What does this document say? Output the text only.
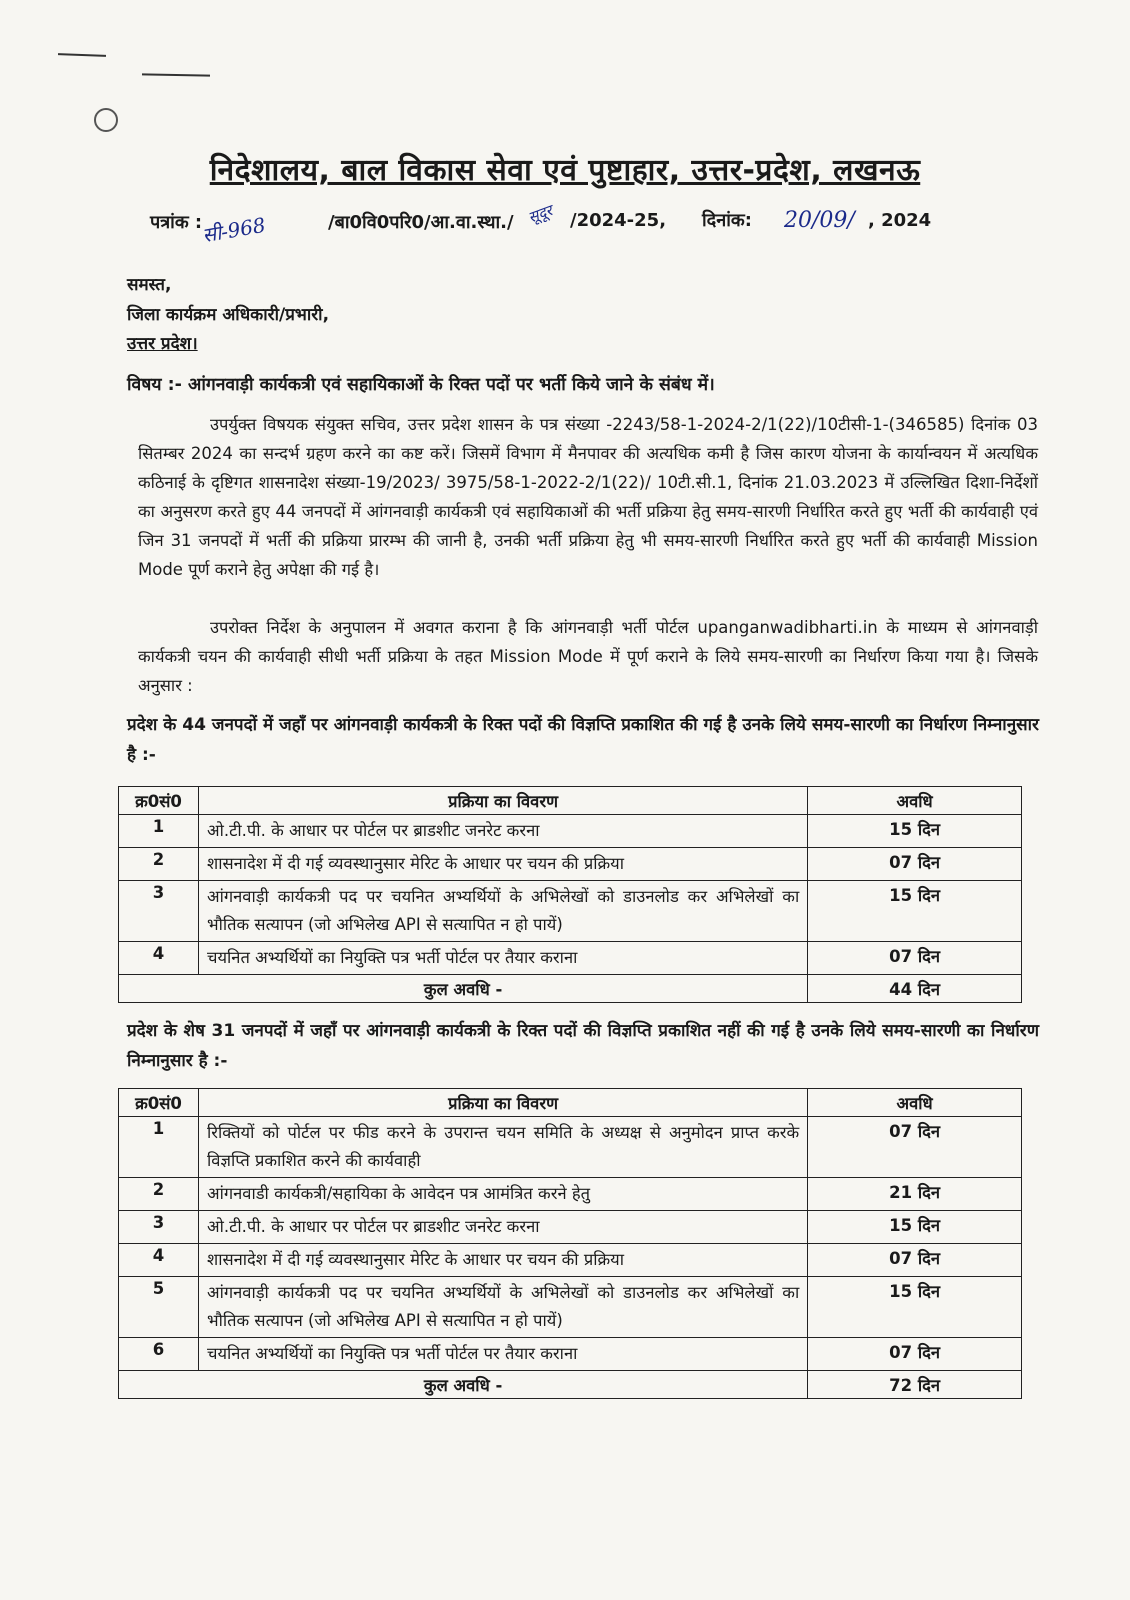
निदेशालय, बाल विकास सेवा एवं पुष्टाहार, उत्तर-प्रदेश, लखनऊ
पत्रांक :
सी-968	/बा0वि0परि0/आ.वा.स्था./ सूदूर /2024-25, दिनांक: 20/09/ , 2024
समस्त,
जिला कार्यक्रम अधिकारी/प्रभारी,
उत्तर प्रदेश।
विषय :- आंगनवाड़ी कार्यकत्री एवं सहायिकाओं के रिक्त पदों पर भर्ती किये जाने के संबंध में।
उपर्युक्त विषयक संयुक्त सचिव, उत्तर प्रदेश शासन के पत्र संख्या -2243/58-1-2024-2/1(22)/10टीसी-1-(346585) दिनांक 03 सितम्बर 2024 का सन्दर्भ ग्रहण करने का कष्ट करें। जिसमें विभाग में मैनपावर की अत्यधिक कमी है जिस कारण योजना के कार्यान्वयन में अत्यधिक कठिनाई के दृष्टिगत शासनादेश संख्या-19/2023/ 3975/58-1-2022-2/1(22)/ 10टी.सी.1, दिनांक 21.03.2023 में उल्लिखित दिशा-निर्देशों का अनुसरण करते हुए 44 जनपदों में आंगनवाड़ी कार्यकत्री एवं सहायिकाओं की भर्ती प्रक्रिया हेतु समय-सारणी निर्धारित करते हुए भर्ती की कार्यवाही एवं जिन 31 जनपदों में भर्ती की प्रक्रिया प्रारम्भ की जानी है, उनकी भर्ती प्रक्रिया हेतु भी समय-सारणी निर्धारित करते हुए भर्ती की कार्यवाही Mission Mode पूर्ण कराने हेतु अपेक्षा की गई है।
उपरोक्त निर्देश के अनुपालन में अवगत कराना है कि आंगनवाड़ी भर्ती पोर्टल upanganwadibharti.in के माध्यम से आंगनवाड़ी कार्यकत्री चयन की कार्यवाही सीधी भर्ती प्रक्रिया के तहत Mission Mode में पूर्ण कराने के लिये समय-सारणी का निर्धारण किया गया है। जिसके अनुसार :
प्रदेश के 44 जनपदों में जहाँ पर आंगनवाड़ी कार्यकत्री के रिक्त पदों की विज्ञप्ति प्रकाशित की गई है उनके लिये समय-सारणी का निर्धारण निम्नानुसार है :-
क्र0सं0	प्रक्रिया का विवरण	अवधि
1	ओ.टी.पी. के आधार पर पोर्टल पर ब्राडशीट जनरेट करना	15 दिन
2	शासनादेश में दी गई व्यवस्थानुसार मेरिट के आधार पर चयन की प्रक्रिया	07 दिन
3	आंगनवाड़ी कार्यकत्री पद पर चयनित अभ्यर्थियों के अभिलेखों को डाउनलोड कर अभिलेखों का भौतिक सत्यापन (जो अभिलेख API से सत्यापित न हो पायें)	15 दिन
4	चयनित अभ्यर्थियों का नियुक्ति पत्र भर्ती पोर्टल पर तैयार कराना	07 दिन
कुल अवधि -		44 दिन
प्रदेश के शेष 31 जनपदों में जहाँ पर आंगनवाड़ी कार्यकत्री के रिक्त पदों की विज्ञप्ति प्रकाशित नहीं की गई है उनके लिये समय-सारणी का निर्धारण निम्नानुसार है :-
क्र0सं0	प्रक्रिया का विवरण	अवधि
1	रिक्तियों को पोर्टल पर फीड करने के उपरान्त चयन समिति के अध्यक्ष से अनुमोदन प्राप्त करके विज्ञप्ति प्रकाशित करने की कार्यवाही	07 दिन
2	आंगनवाडी कार्यकत्री/सहायिका के आवेदन पत्र आमंत्रित करने हेतु	21 दिन
3	ओ.टी.पी. के आधार पर पोर्टल पर ब्राडशीट जनरेट करना	15 दिन
4	शासनादेश में दी गई व्यवस्थानुसार मेरिट के आधार पर चयन की प्रक्रिया	07 दिन
5	आंगनवाड़ी कार्यकत्री पद पर चयनित अभ्यर्थियों के अभिलेखों को डाउनलोड कर अभिलेखों का भौतिक सत्यापन (जो अभिलेख API से सत्यापित न हो पायें)	15 दिन
6	चयनित अभ्यर्थियों का नियुक्ति पत्र भर्ती पोर्टल पर तैयार कराना	07 दिन
कुल अवधि -		72 दिन
